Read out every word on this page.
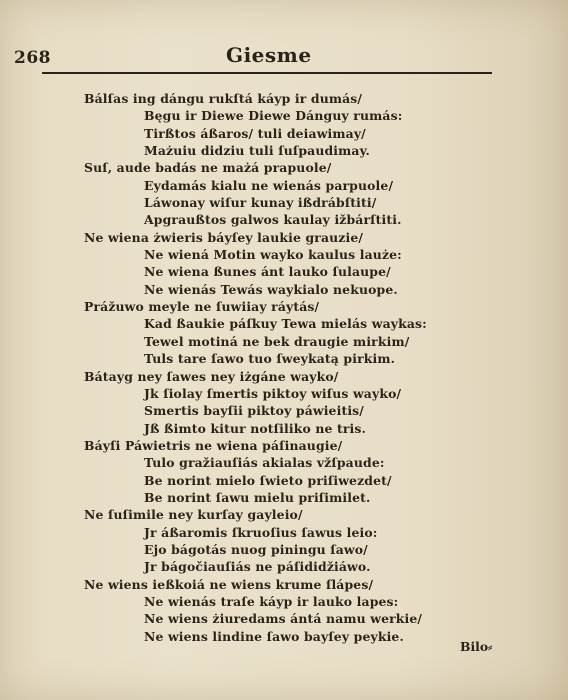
268	Giesme
Bálſas ing dángu rukſtá káyp ir dumás/
Bęgu ir Diewe Diewe Dánguy rumás:
Tirßtos áßaros/ tuli deiawimay/
Mażuiu didziu tuli ſuſpaudimay.
Suſ, aude badás ne mażá prapuole/
Eydamás kialu ne wienás parpuole/
Láwonay wiſur kunay ißdrábſtiti/
Apgraußtos galwos kaulay ižbárſtiti.
Ne wiena żwieris báyſey laukie grauzie/
Ne wiená Motin wayko kaulus lauże:
Ne wiena ßunes ánt lauko ſulaupe/
Ne wienás Tewás waykialo nekuope.
Prážuwo meyle ne ſuwiiay ráytás/
Kad ßaukie páſkuy Tewa mielás waykas:
Tewel motiná ne bek draugie mirkim/
Tuls tare ſawo tuo ſweykatą pirkim.
Bátayg ney ſawes ney iżgáne wayko/
Jk ſiolay ſmertis piktoy wiſus wayko/
Smertis bayſii piktoy páwieitis/
Jß ßimto kitur notſiliko ne tris.
Báyſi Páwietris ne wiena páſinaugie/
Tulo gražiauſiás akialas vžſpaude:
Be norint mielo ſwieto priſiwezdet/
Be norint ſawu mielu priſimilet.
Ne ſuſimile ney kurſay gayleio/
Jr áßaromis ſkruoſius ſawus leio:
Ejo bágotás nuog piningu ſawo/
Jr bágočiauſiás ne páſididžiáwo.
Ne wiens ießkoiá ne wiens krume ſlápes/
Ne wienás traſe káyp ir lauko lapes:
Ne wiens żiuredams ántá namu werkie/
Ne wiens lindine ſawo bayſey peykie.
Bilo⸗
